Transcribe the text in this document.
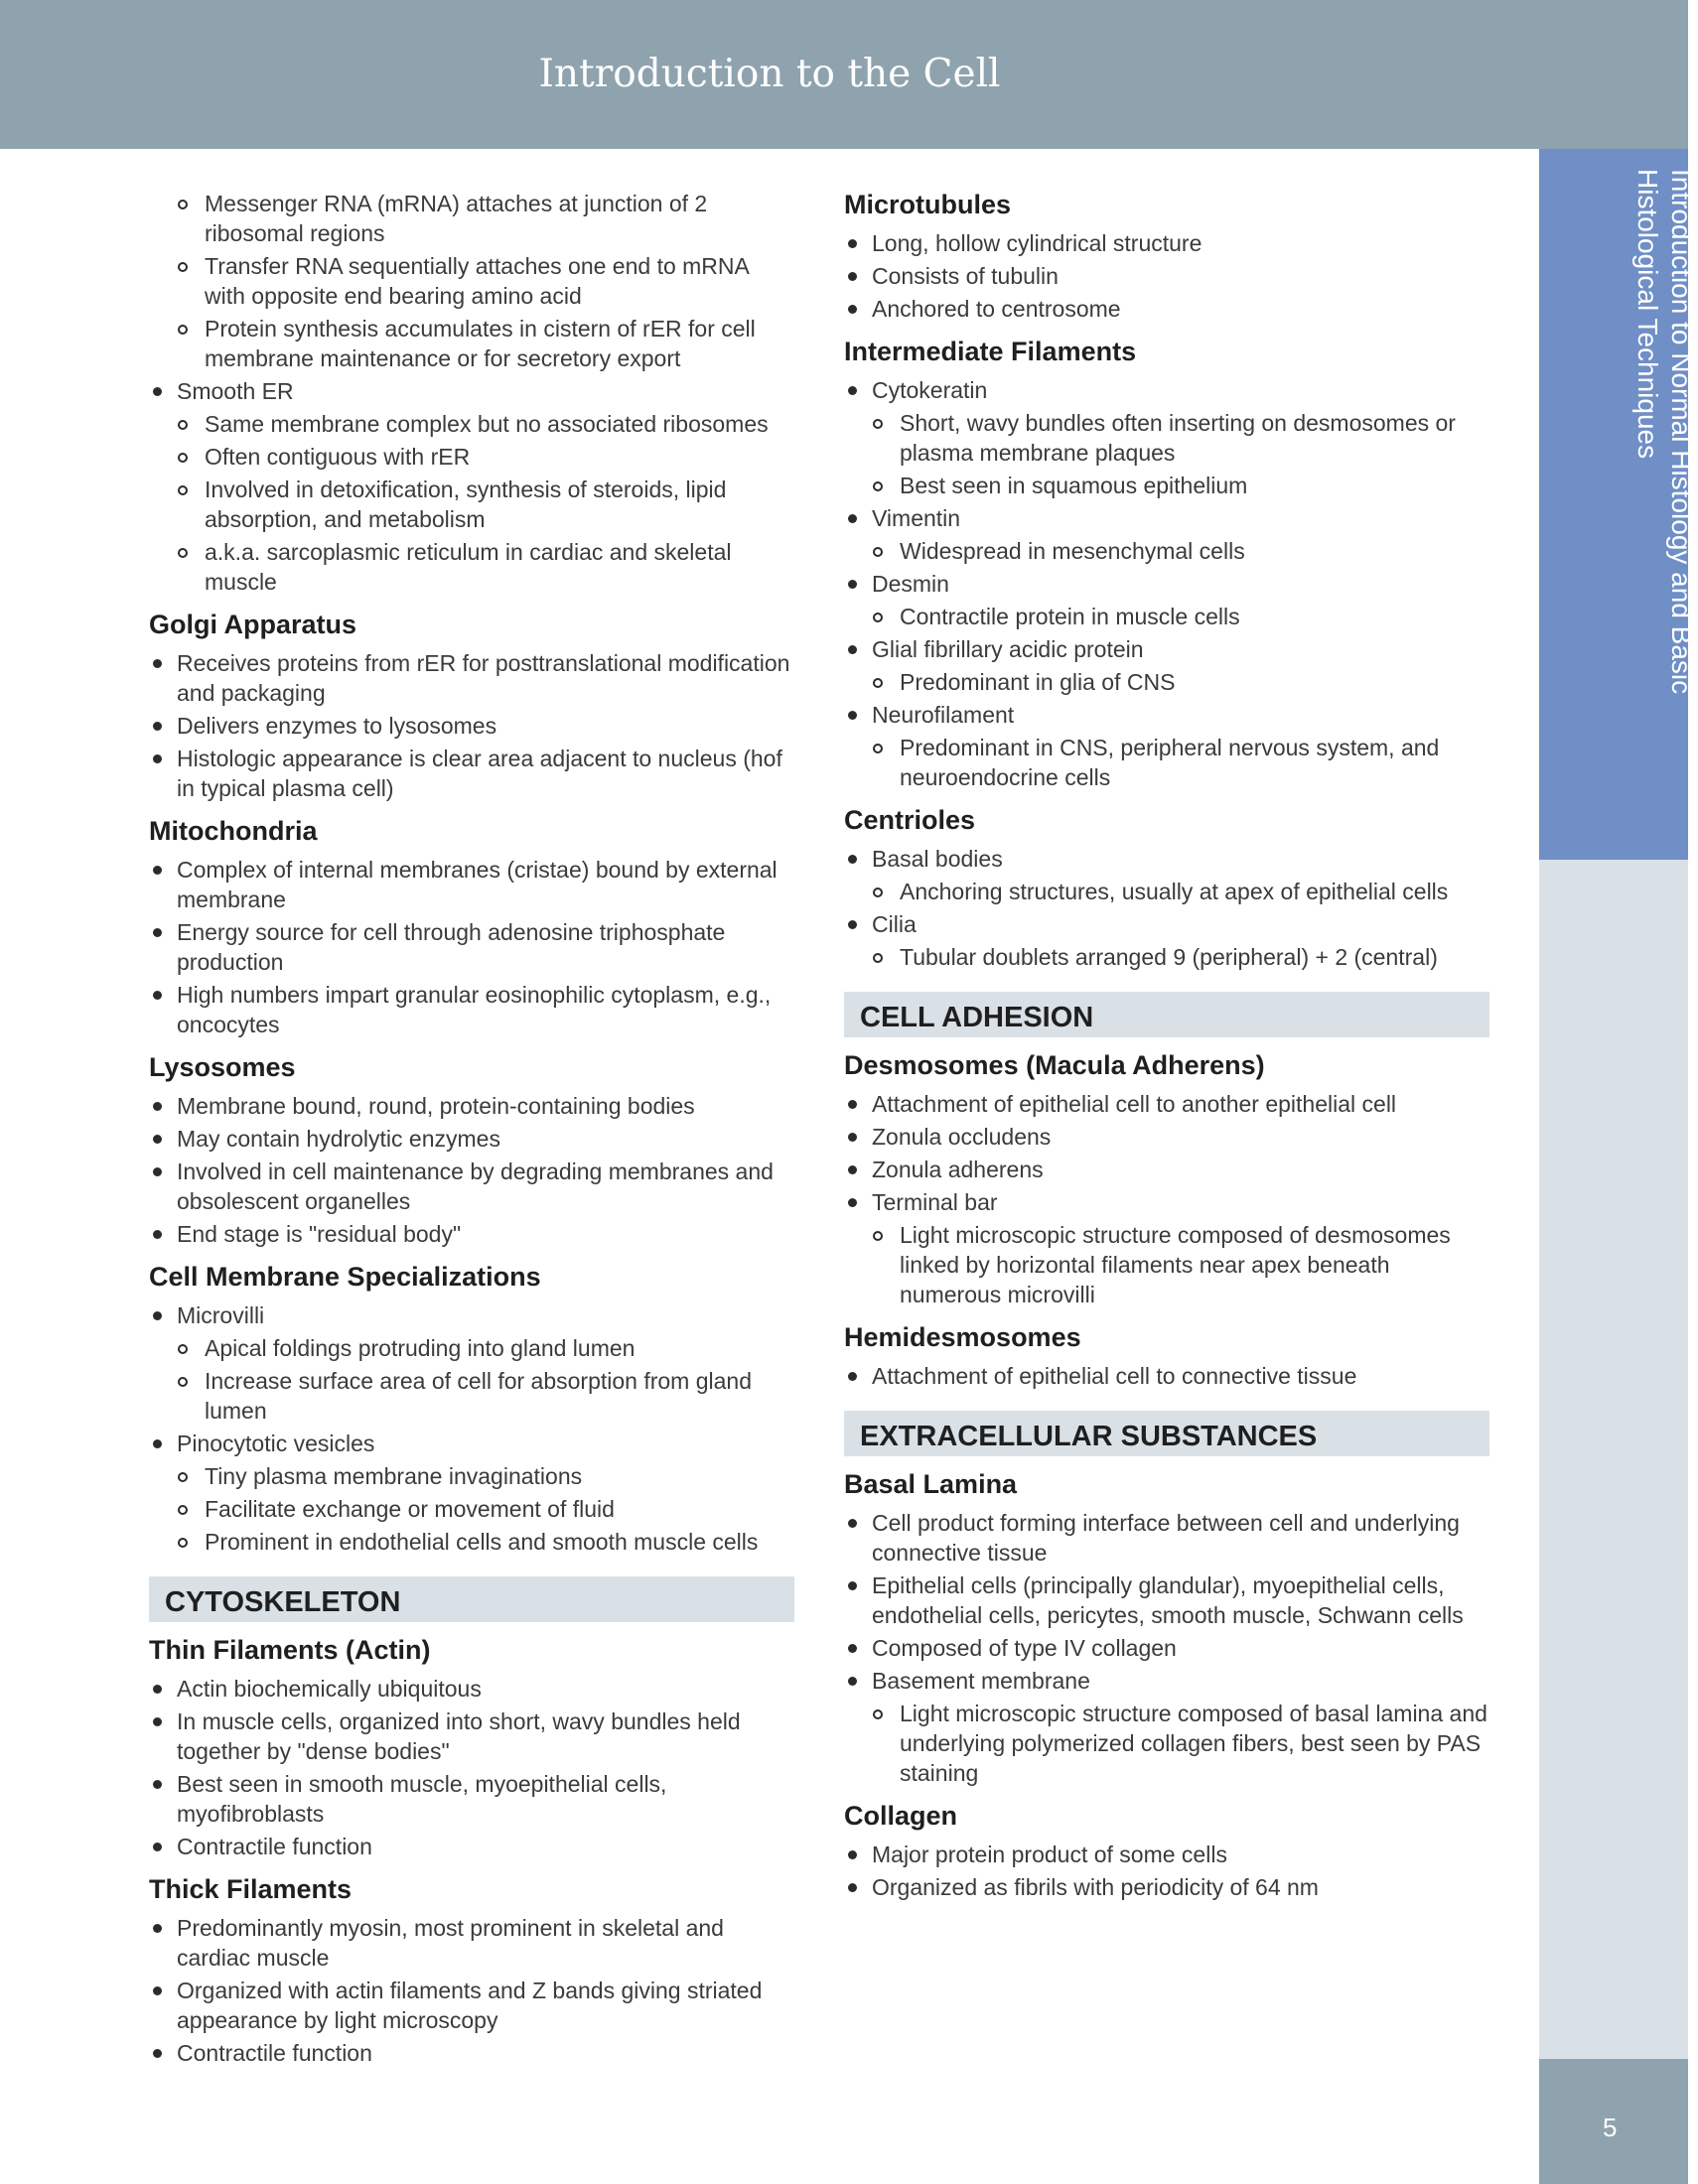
Introduction to the Cell
Introduction to Normal Histology and Basic Histological Techniques
5
Messenger RNA (mRNA) attaches at junction of 2 ribosomal regions
Transfer RNA sequentially attaches one end to mRNA with opposite end bearing amino acid
Protein synthesis accumulates in cistern of rER for cell membrane maintenance or for secretory export
Smooth ER
Same membrane complex but no associated ribosomes
Often contiguous with rER
Involved in detoxification, synthesis of steroids, lipid absorption, and metabolism
a.k.a. sarcoplasmic reticulum in cardiac and skeletal muscle
Golgi Apparatus
Receives proteins from rER for posttranslational modification and packaging
Delivers enzymes to lysosomes
Histologic appearance is clear area adjacent to nucleus (hof in typical plasma cell)
Mitochondria
Complex of internal membranes (cristae) bound by external membrane
Energy source for cell through adenosine triphosphate production
High numbers impart granular eosinophilic cytoplasm, e.g., oncocytes
Lysosomes
Membrane bound, round, protein-containing bodies
May contain hydrolytic enzymes
Involved in cell maintenance by degrading membranes and obsolescent organelles
End stage is "residual body"
Cell Membrane Specializations
Microvilli
Apical foldings protruding into gland lumen
Increase surface area of cell for absorption from gland lumen
Pinocytotic vesicles
Tiny plasma membrane invaginations
Facilitate exchange or movement of fluid
Prominent in endothelial cells and smooth muscle cells
CYTOSKELETON
Thin Filaments (Actin)
Actin biochemically ubiquitous
In muscle cells, organized into short, wavy bundles held together by "dense bodies"
Best seen in smooth muscle, myoepithelial cells, myofibroblasts
Contractile function
Thick Filaments
Predominantly myosin, most prominent in skeletal and cardiac muscle
Organized with actin filaments and Z bands giving striated appearance by light microscopy
Contractile function
Microtubules
Long, hollow cylindrical structure
Consists of tubulin
Anchored to centrosome
Intermediate Filaments
Cytokeratin
Short, wavy bundles often inserting on desmosomes or plasma membrane plaques
Best seen in squamous epithelium
Vimentin
Widespread in mesenchymal cells
Desmin
Contractile protein in muscle cells
Glial fibrillary acidic protein
Predominant in glia of CNS
Neurofilament
Predominant in CNS, peripheral nervous system, and neuroendocrine cells
Centrioles
Basal bodies
Anchoring structures, usually at apex of epithelial cells
Cilia
Tubular doublets arranged 9 (peripheral) + 2 (central)
CELL ADHESION
Desmosomes (Macula Adherens)
Attachment of epithelial cell to another epithelial cell
Zonula occludens
Zonula adherens
Terminal bar
Light microscopic structure composed of desmosomes linked by horizontal filaments near apex beneath numerous microvilli
Hemidesmosomes
Attachment of epithelial cell to connective tissue
EXTRACELLULAR SUBSTANCES
Basal Lamina
Cell product forming interface between cell and underlying connective tissue
Epithelial cells (principally glandular), myoepithelial cells, endothelial cells, pericytes, smooth muscle, Schwann cells
Composed of type IV collagen
Basement membrane
Light microscopic structure composed of basal lamina and underlying polymerized collagen fibers, best seen by PAS staining
Collagen
Major protein product of some cells
Organized as fibrils with periodicity of 64 nm
